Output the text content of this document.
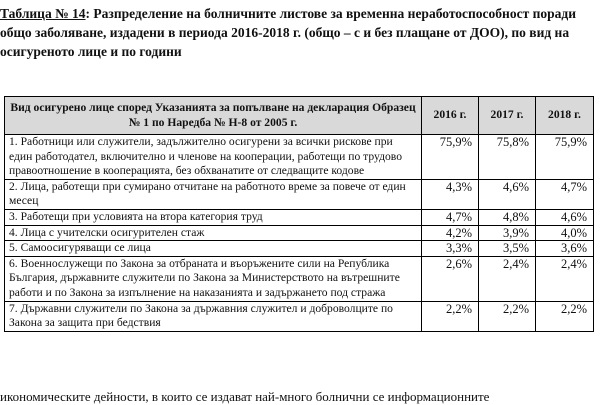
Таблица № 14: Разпределение на болничните листове за временна неработоспособност поради
общо заболяване, издадени в периода 2016-2018 г. (общо – с и без плащане от ДОО), по вид на
осигуреното лице и по години
Вид осигурено лице според Указанията за попълване на декларация Образец № 1 по Наредба № Н-8 от 2005 г.	2016 г.	2017 г.	2018 г.
1. Работници или служители, задължително осигурени за всички рискове при един работодател, включително и членове на кооперации, работещи по трудово правоотношение в кооперацията, без обхванатите от следващите кодове	75,9%	75,8%	75,9%
2. Лица, работещи при сумирано отчитане на работното време за повече от един месец	4,3%	4,6%	4,7%
3. Работещи при условията на втора категория труд	4,7%	4,8%	4,6%
4. Лица с учителски осигурителен стаж	4,2%	3,9%	4,0%
5. Самоосигуряващи се лица	3,3%	3,5%	3,6%
6. Военнослужещи по Закона за отбраната и въоръжените сили на Република България, държавните служители по Закона за Министерството на вътрешните работи и по Закона за изпълнение на наказанията и задържането под стража	2,6%	2,4%	2,4%
7. Държавни служители по Закона за държавния служител и доброволците по Закона за защита при бедствия	2,2%	2,2%	2,2%
икономическите дейности, в които се издават най-много болнични се информационните
